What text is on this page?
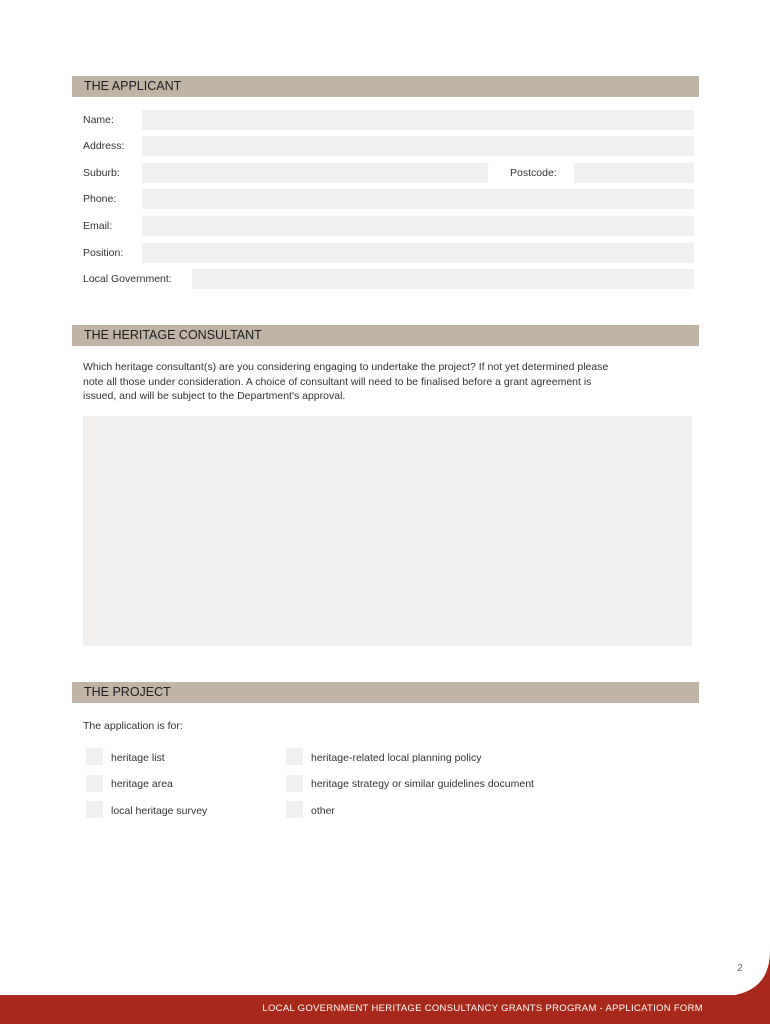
THE APPLICANT
Name:
Address:
Suburb:	Postcode:
Phone:
Email:
Position:
Local Government:
THE HERITAGE CONSULTANT

Which heritage consultant(s) are you considering engaging to undertake the project? If not yet determined please
note all those under consideration. A choice of consultant will need to be finalised before a grant agreement is
issued, and will be subject to the Department's approval.

THE PROJECT
The application is for:
heritage list
heritage area
local heritage survey
heritage-related local planning policy
heritage strategy or similar guidelines document
other
2
LOCAL GOVERNMENT HERITAGE CONSULTANCY GRANTS PROGRAM - APPLICATION FORM
